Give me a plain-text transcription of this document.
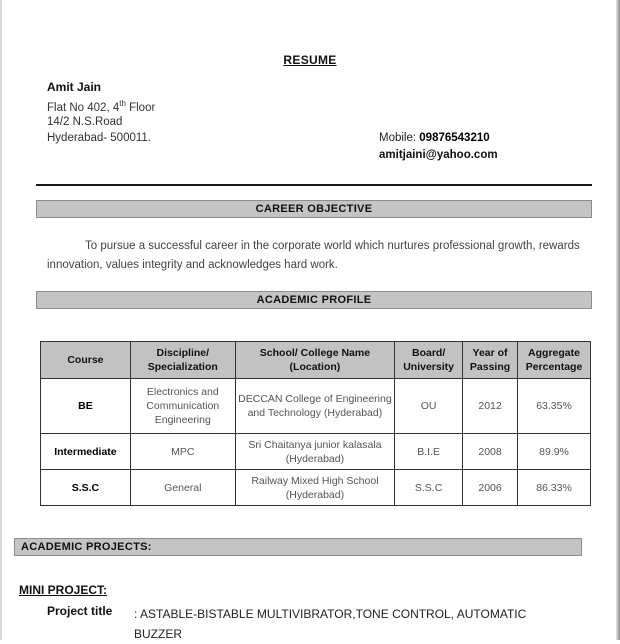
RESUME
Amit Jain
Flat No 402, 4th Floor
14/2 N.S.Road
Hyderabad- 500011.	Mobile: 09876543210
amitjaini@yahoo.com
CAREER OBJECTIVE
To pursue a successful career in the corporate world which nurtures professional growth, rewards innovation, values integrity and acknowledges hard work.
ACADEMIC PROFILE
Course	Discipline/ Specialization	School/ College Name (Location)	Board/ University	Year of Passing	Aggregate Percentage
BE	Electronics and Communication Engineering	DECCAN College of Engineering and Technology (Hyderabad)	OU	2012	63.35%
Intermediate	MPC	Sri Chaitanya junior kalasala (Hyderabad)	B.I.E	2008	89.9%
S.S.C	General	Railway Mixed High School (Hyderabad)	S.S.C	2006	86.33%
ACADEMIC PROJECTS:
MINI PROJECT:
Project title : ASTABLE-BISTABLE MULTIVIBRATOR,TONE CONTROL, AUTOMATIC BUZZER
